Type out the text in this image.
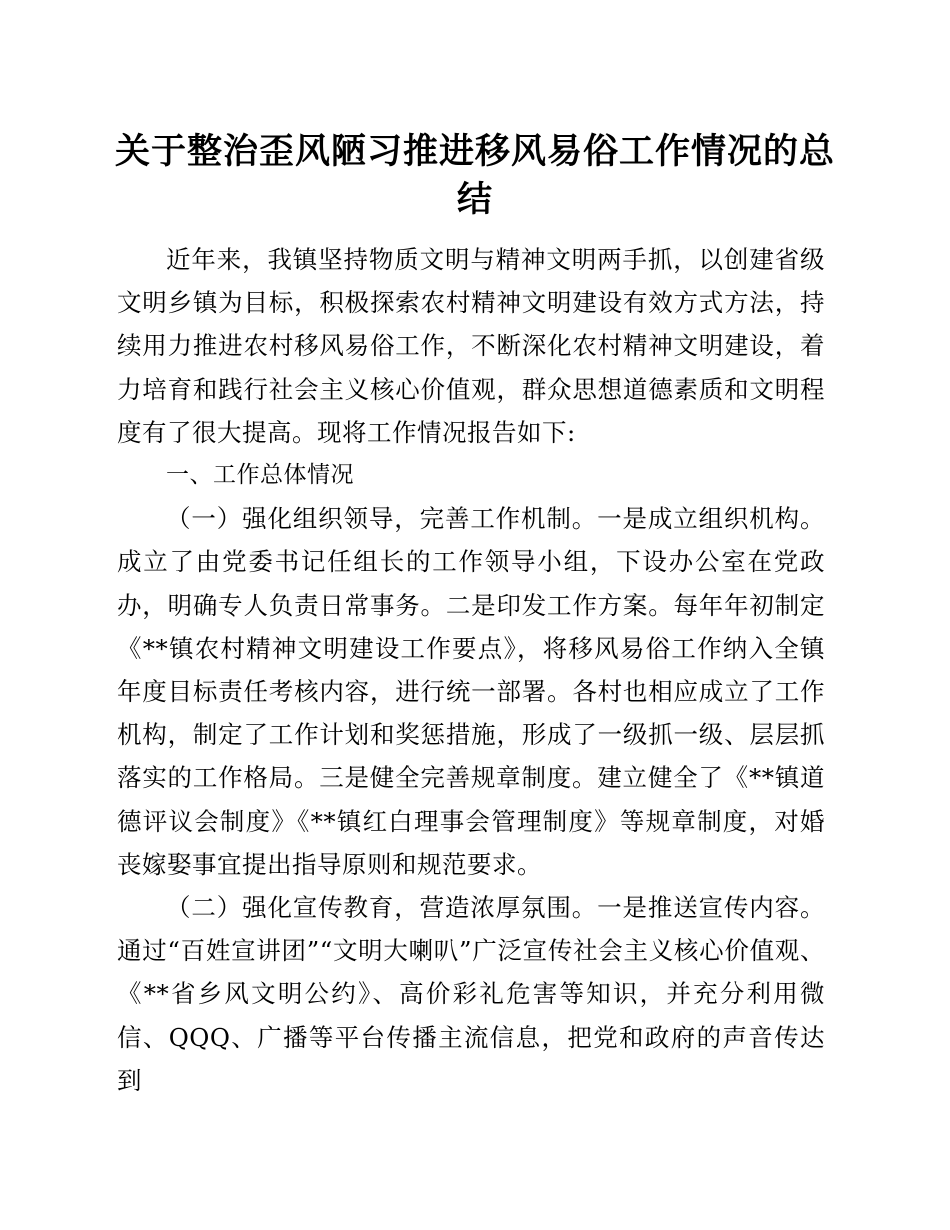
关于整治歪风陋习推进移风易俗工作情况的总结

近年来，我镇坚持物质文明与精神文明两手抓，以创建省级文明乡镇为目标，积极探索农村精神文明建设有效方式方法，持续用力推进农村移风易俗工作，不断深化农村精神文明建设，着力培育和践行社会主义核心价值观，群众思想道德素质和文明程度有了很大提高。现将工作情况报告如下:

一、工作总体情况

（一）强化组织领导，完善工作机制。一是成立组织机构。成立了由党委书记任组长的工作领导小组，下设办公室在党政办，明确专人负责日常事务。二是印发工作方案。每年年初制定《**镇农村精神文明建设工作要点》，将移风易俗工作纳入全镇年度目标责任考核内容，进行统一部署。各村也相应成立了工作机构，制定了工作计划和奖惩措施，形成了一级抓一级、层层抓落实的工作格局。三是健全完善规章制度。建立健全了《**镇道德评议会制度》《**镇红白理事会管理制度》等规章制度，对婚丧嫁娶事宜提出指导原则和规范要求。

（二）强化宣传教育，营造浓厚氛围。一是推送宣传内容。通过“百姓宣讲团”“文明大喇叭”广泛宣传社会主义核心价值观、《**省乡风文明公约》、高价彩礼危害等知识，并充分利用微信、QQQ、广播等平台传播主流信息，把党和政府的声音传达到
